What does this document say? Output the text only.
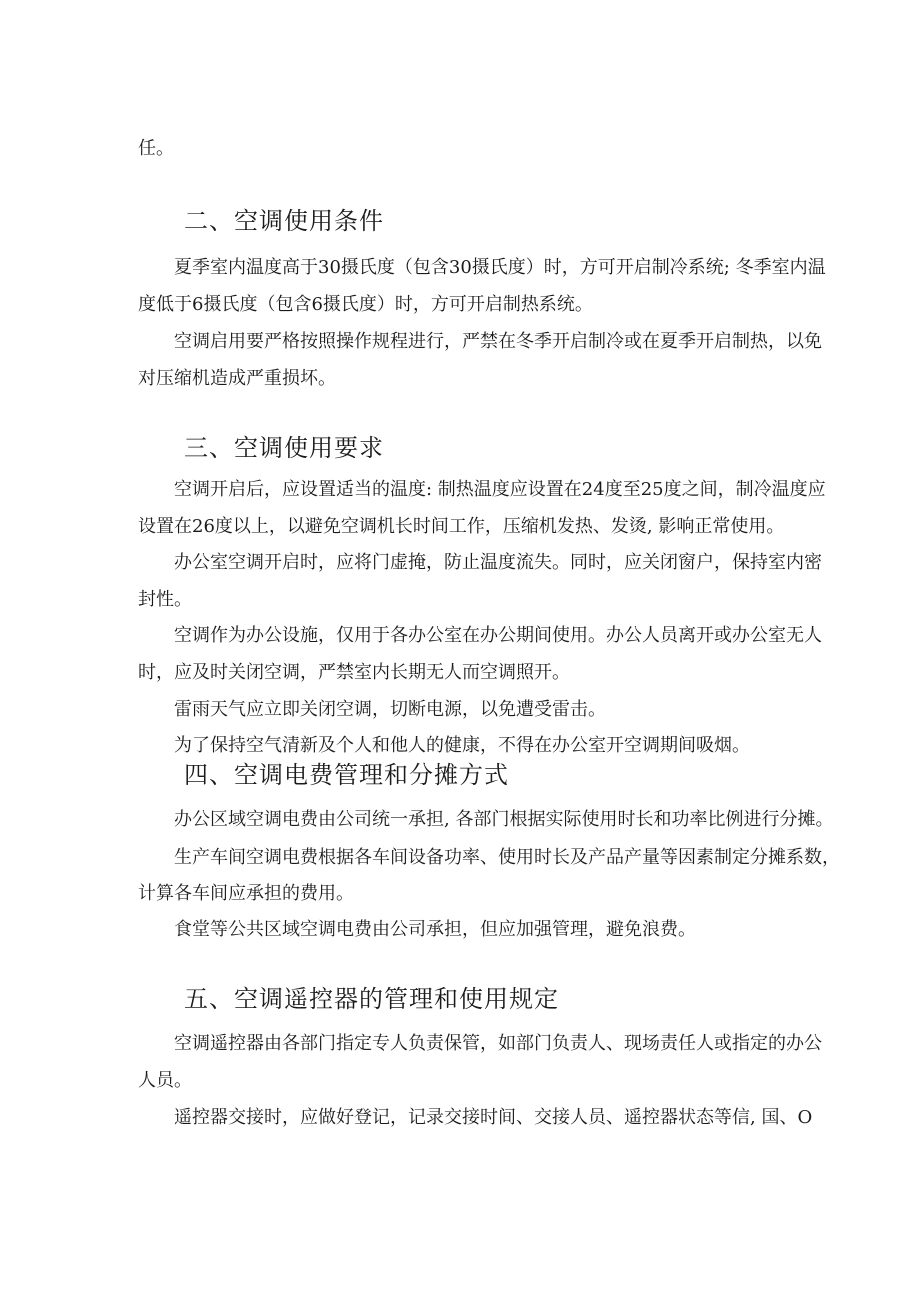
任。
二、空调使用条件
夏季室内温度高于30摄氏度（包含30摄氏度）时，方可开启制冷系统; 冬季室内温
度低于6摄氏度（包含6摄氏度）时，方可开启制热系统。
空调启用要严格按照操作规程进行，严禁在冬季开启制冷或在夏季开启制热，以免
对压缩机造成严重损坏。
三、空调使用要求
空调开启后，应设置适当的温度: 制热温度应设置在24度至25度之间，制冷温度应
设置在26度以上，以避免空调机长时间工作，压缩机发热、发烫, 影响正常使用。
办公室空调开启时，应将门虚掩，防止温度流失。同时，应关闭窗户，保持室内密
封性。
空调作为办公设施，仅用于各办公室在办公期间使用。办公人员离开或办公室无人
时，应及时关闭空调，严禁室内长期无人而空调照开。
雷雨天气应立即关闭空调，切断电源，以免遭受雷击。
为了保持空气清新及个人和他人的健康，不得在办公室开空调期间吸烟。
四、空调电费管理和分摊方式
办公区域空调电费由公司统一承担, 各部门根据实际使用时长和功率比例进行分摊。
生产车间空调电费根据各车间设备功率、使用时长及产品产量等因素制定分摊系数，
计算各车间应承担的费用。
食堂等公共区域空调电费由公司承担，但应加强管理，避免浪费。
五、空调遥控器的管理和使用规定
空调遥控器由各部门指定专人负责保管，如部门负责人、现场责任人或指定的办公
人员。
遥控器交接时，应做好登记，记录交接时间、交接人员、遥控器状态等信, 国、O
